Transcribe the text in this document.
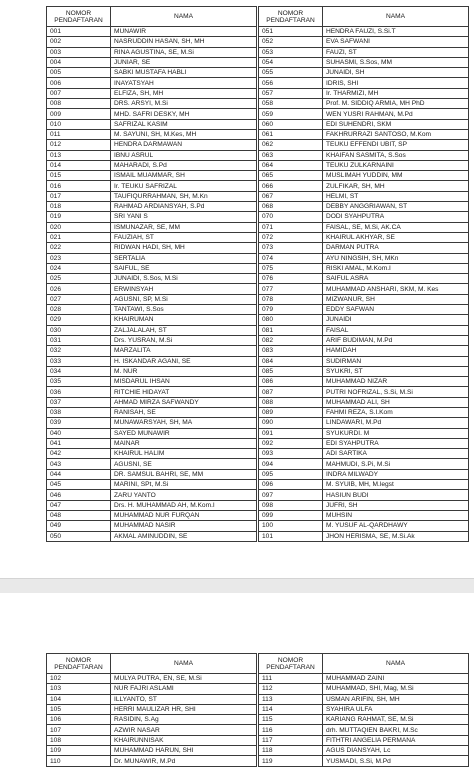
NOMOR
PENDAFTARAN	NAMA
001	MUNAWIR
002	NASRUDDIN HASAN, SH, MH
003	RINA AGUSTINA, SE, M.Si
004	JUNIAR, SE
005	SABKI MUSTAFA HABLI
006	INAYATSYAH
007	ELFIZA, SH, MH
008	DRS. ARSYI, M.Si
009	MHD. SAFRI DESKY, MH
010	SAFRIZAL KASIM
011	M. SAYUNI, SH, M.Kes, MH
012	HENDRA DARMAWAN
013	IBNU ASRUL
014	MAHARADI, S.Pd
015	ISMAIL MUAMMAR, SH
016	Ir. TEUKU SAFRIZAL
017	TAUFIQURRAHMAN, SH, M.Kn
018	RAHMAD ARDIANSYAH, S.Pd
019	SRI YANI S
020	ISMUNAZAR, SE, MM
021	FAUZIAH, ST
022	RIDWAN HADI, SH, MH
023	SERTALIA
024	SAIFUL, SE
025	JUNAIDI, S.Sos, M.Si
026	ERWINSYAH
027	AGUSNI, SP, M.Si
028	TANTAWI, S.Sos
029	KHAIRUMAN
030	ZALJALALAH, ST
031	Drs. YUSRAN, M.Si
032	MARZALITA
033	H. ISKANDAR AGANI, SE
034	M. NUR
035	MISDARUL IHSAN
036	RITCHIE HIDAYAT
037	AHMAD MIRZA SAFWANDY
038	RANISAH, SE
039	MUNAWARSYAH, SH, MA
040	SAYED MUNAWIR
041	MAINAR
042	KHAIRUL HALIM
043	AGUSNI, SE
044	DR. SAMSUL BAHRI, SE, MM
045	MARINI, SPt, M.Si
046	ZARU YANTO
047	Drs. H. MUHAMMAD AH, M.Kom.I
048	MUHAMMAD NUR FURQAN
049	MUHAMMAD NASIR
050	AKMAL AMINUDDIN, SE
NOMOR
PENDAFTARAN	NAMA
051	HENDRA FAUZI, S.Si.T
052	EVA SAFWANI
053	FAUZI, ST
054	SUHASMI, S.Sos, MM
055	JUNAIDI, SH
056	IDRIS, SHI
057	Ir. THARMIZI, MH
058	Prof. M. SIDDIQ ARMIA, MH PhD
059	WEN YUSRI RAHMAN, M.Pd
060	EDI SUHENDRI, SKM
061	FAKHRURRAZI SANTOSO, M.Kom
062	TEUKU EFFENDI UBIT, SP
063	KHAIFAN SASMITA, S.Sos
064	TEUKU ZULKARNAINI
065	MUSLIMAH YUDDIN, MM
066	ZULFIKAR, SH, MH
067	HELMI, ST
068	DEBBY ANGGRIAWAN, ST
070	DODI SYAHPUTRA
071	FAISAL, SE, M.Si, AK.CA
072	KHAIRUL AKHYAR, SE
073	DARMAN PUTRA
074	AYU NINGSIH, SH, MKn
075	RISKI AMAL, M.Kom.I
076	SAIFUL ASRA
077	MUHAMMAD ANSHARI, SKM, M. Kes
078	MIZWANUR, SH
079	EDDY SAFWAN
080	JUNAIDI
081	FAISAL
082	ARIF BUDIMAN, M.Pd
083	HAMIDAH
084	SUDIRMAN
085	SYUKRI, ST
086	MUHAMMAD NIZAR
087	PUTRI NOFRIZAL, S.Si, M.Si
088	MUHAMMAD ALI, SH
089	FAHMI REZA, S.I.Kom
090	LINDAWARI, M.Pd
091	SYUKURDI. M
092	EDI SYAHPUTRA
093	ADI SARTIKA
094	MAHMUDI, S.Pi, M.Si
095	INDRA MILWADY
096	M. SYUIB, MH, M.legst
097	HASIUN BUDI
098	JUFRI, SH
099	MUHSIN
100	M. YUSUF AL-QARDHAWY
101	JHON HERISMA, SE, M.Si.Ak
NOMOR
PENDAFTARAN	NAMA
102	MULYA PUTRA, EN, SE, M.Si
103	NUR FAJRI ASLAMI
104	ILLYANTO, ST
105	HERRI MAULIZAR HR, SHI
106	RASIDIN, S.Ag
107	AZWIR NASAR
108	KHAIRUNNISAK
109	MUHAMMAD HARUN, SHI
110	Dr. MUNAWIR, M.Pd
NOMOR
PENDAFTARAN	NAMA
111	MUHAMMAD ZAINI
112	MUHAMMAD, SHI, Mag, M.Si
113	USMAN ARIFIN, SH, MH
114	SYAHIRA ULFA
115	KARIANG RAHMAT, SE, M.Si
116	drh. MUTTAQIEN BAKRI, M.Sc
117	FITHTRI ANGELIA PERMANA
118	AGUS DIANSYAH, Lc
119	YUSMADI, S.Si, M.Pd
